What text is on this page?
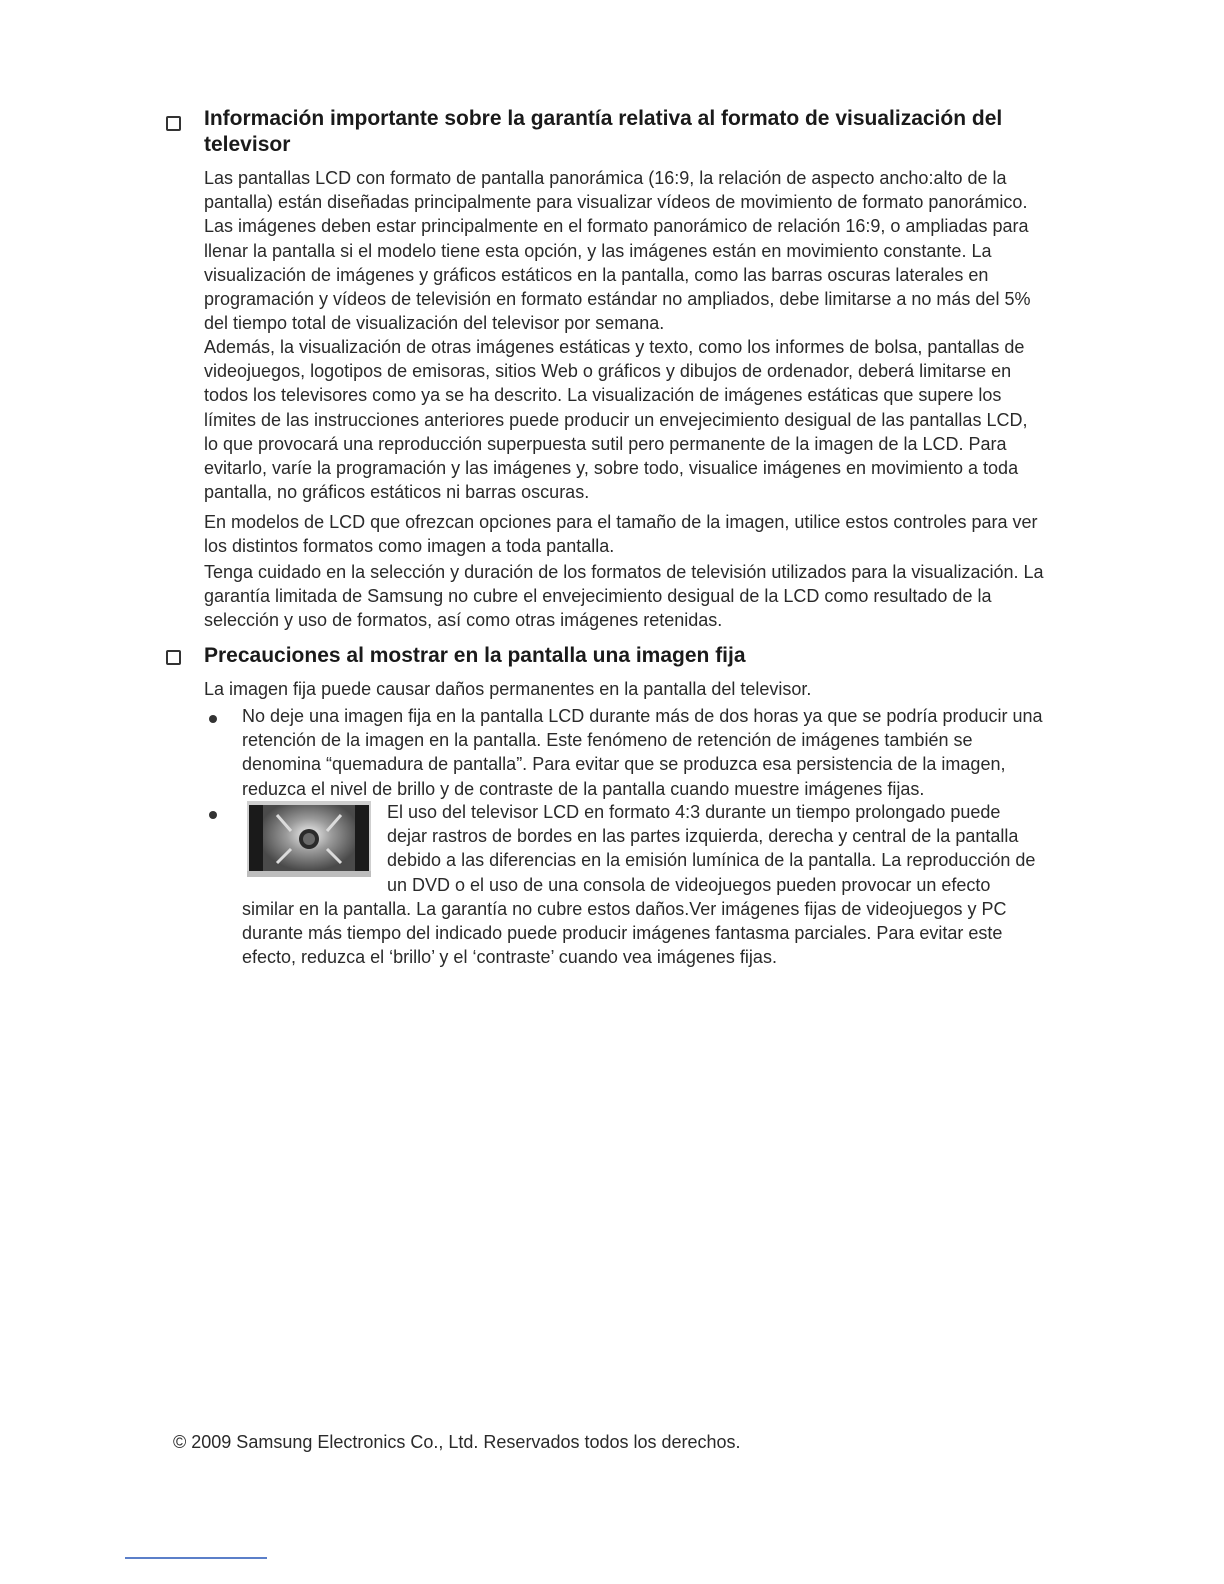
Información importante sobre la garantía relativa al formato de visualización del televisor

Las pantallas LCD con formato de pantalla panorámica (16:9, la relación de aspecto ancho:alto de la pantalla) están diseñadas principalmente para visualizar vídeos de movimiento de formato panorámico. Las imágenes deben estar principalmente en el formato panorámico de relación 16:9, o ampliadas para llenar la pantalla si el modelo tiene esta opción, y las imágenes están en movimiento constante. La visualización de imágenes y gráficos estáticos en la pantalla, como las barras oscuras laterales en programación y vídeos de televisión en formato estándar no ampliados, debe limitarse a no más del 5% del tiempo total de visualización del televisor por semana.

Además, la visualización de otras imágenes estáticas y texto, como los informes de bolsa, pantallas de videojuegos, logotipos de emisoras, sitios Web o gráficos y dibujos de ordenador, deberá limitarse en todos los televisores como ya se ha descrito. La visualización de imágenes estáticas que supere los límites de las instrucciones anteriores puede producir un envejecimiento desigual de las pantallas LCD, lo que provocará una reproducción superpuesta sutil pero permanente de la imagen de la LCD. Para evitarlo, varíe la programación y las imágenes y, sobre todo, visualice imágenes en movimiento a toda pantalla, no gráficos estáticos ni barras oscuras.

En modelos de LCD que ofrezcan opciones para el tamaño de la imagen, utilice estos controles para ver los distintos formatos como imagen a toda pantalla.

Tenga cuidado en la selección y duración de los formatos de televisión utilizados para la visualización. La garantía limitada de Samsung no cubre el envejecimiento desigual de la LCD como resultado de la selección y uso de formatos, así como otras imágenes retenidas.

Precauciones al mostrar en la pantalla una imagen fija

La imagen fija puede causar daños permanentes en la pantalla del televisor.

No deje una imagen fija en la pantalla LCD durante más de dos horas ya que se podría producir una retención de la imagen en la pantalla. Este fenómeno de retención de imágenes también se denomina “quemadura de pantalla”. Para evitar que se produzca esa persistencia de la imagen, reduzca el nivel de brillo y de contraste de la pantalla cuando muestre imágenes fijas.

El uso del televisor LCD en formato 4:3 durante un tiempo prolongado puede dejar rastros de bordes en las partes izquierda, derecha y central de la pantalla debido a las diferencias en la emisión lumínica de la pantalla. La reproducción de un DVD o el uso de una consola de videojuegos pueden provocar un efecto similar en la pantalla. La garantía no cubre estos daños.Ver imágenes fijas de videojuegos y PC durante más tiempo del indicado puede producir imágenes fantasma parciales. Para evitar este efecto, reduzca el ‘brillo’ y el ‘contraste’ cuando vea imágenes fijas.

© 2009 Samsung Electronics Co., Ltd. Reservados todos los derechos.
